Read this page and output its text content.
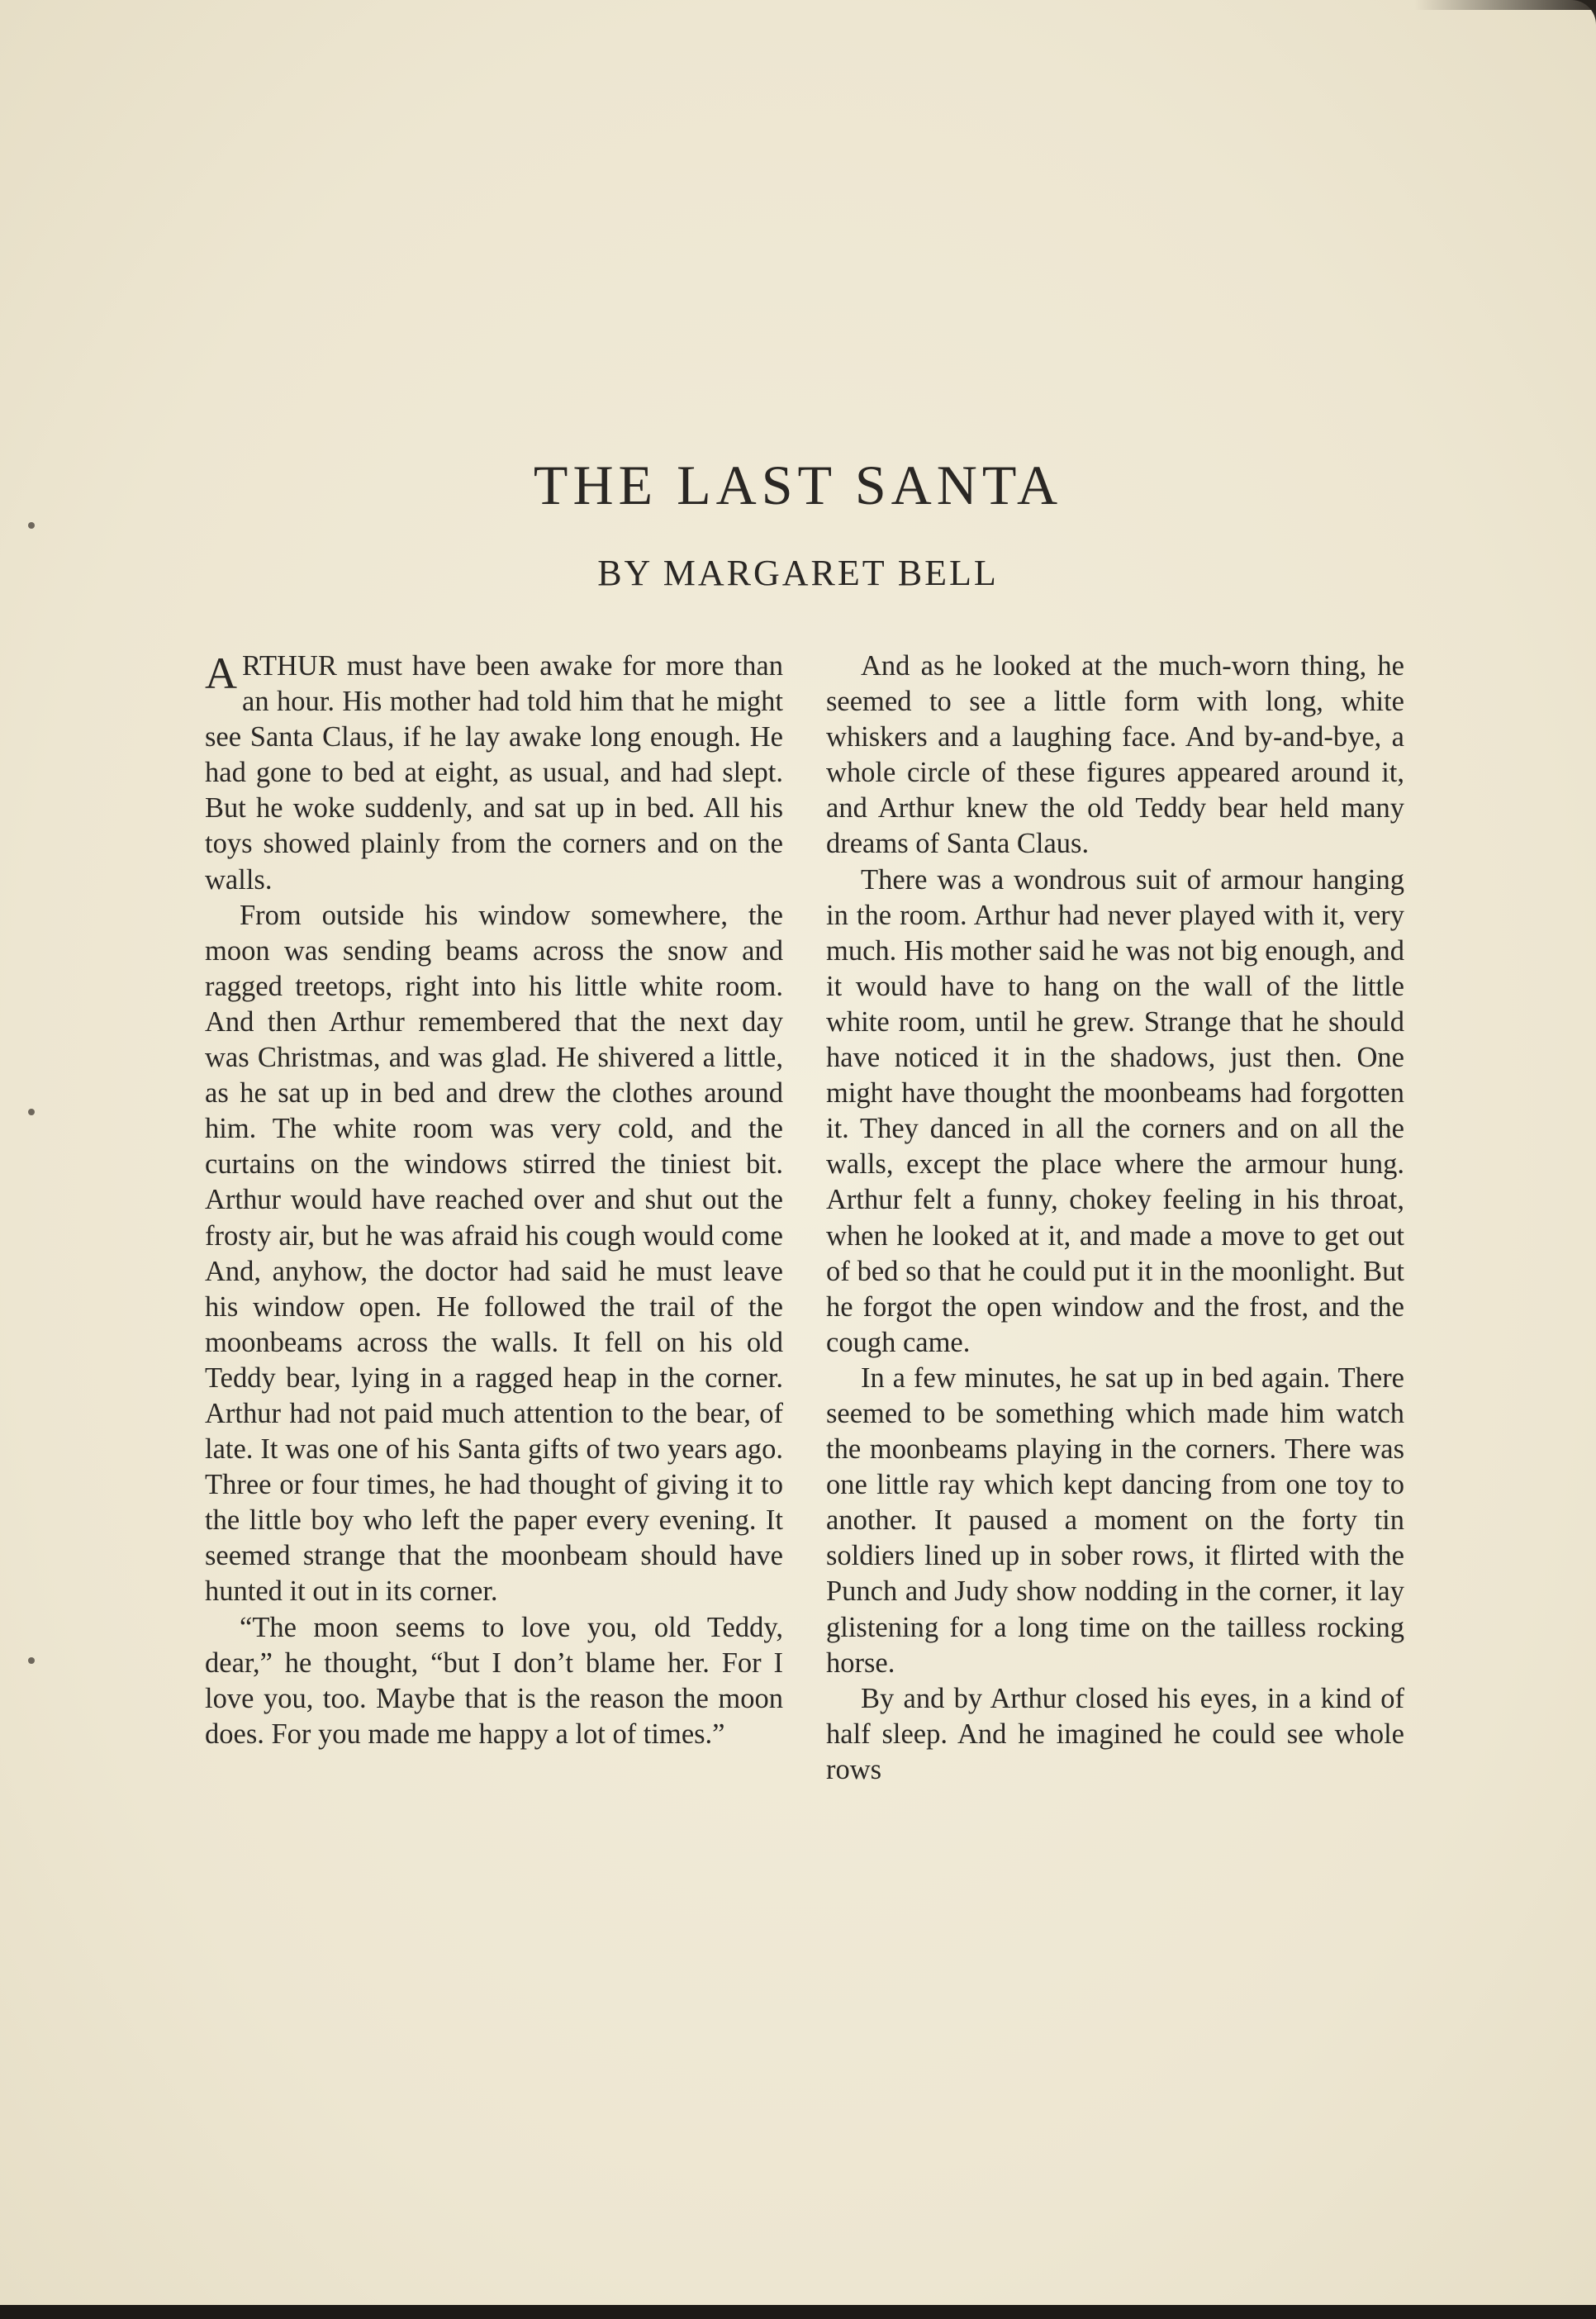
THE LAST SANTA
BY MARGARET BELL

ARTHUR must have been awake for more than an hour. His mother had told him that he might see Santa Claus, if he lay awake long enough. He had gone to bed at eight, as usual, and had slept. But he woke suddenly, and sat up in bed. All his toys showed plainly from the corners and on the walls.

From outside his window somewhere, the moon was sending beams across the snow and ragged treetops, right into his little white room. And then Arthur remembered that the next day was Christmas, and was glad. He shivered a little, as he sat up in bed and drew the clothes around him. The white room was very cold, and the curtains on the windows stirred the tiniest bit. Arthur would have reached over and shut out the frosty air, but he was afraid his cough would come And, anyhow, the doctor had said he must leave his window open. He followed the trail of the moonbeams across the walls. It fell on his old Teddy bear, lying in a ragged heap in the corner. Arthur had not paid much attention to the bear, of late. It was one of his Santa gifts of two years ago. Three or four times, he had thought of giving it to the little boy who left the paper every evening. It seemed strange that the moonbeam should have hunted it out in its corner.

“The moon seems to love you, old Teddy, dear,” he thought, “but I don’t blame her. For I love you, too. Maybe that is the reason the moon does. For you made me happy a lot of times.”

And as he looked at the much-worn thing, he seemed to see a little form with long, white whiskers and a laughing face. And by-and-bye, a whole circle of these figures appeared around it, and Arthur knew the old Teddy bear held many dreams of Santa Claus.

There was a wondrous suit of armour hanging in the room. Arthur had never played with it, very much. His mother said he was not big enough, and it would have to hang on the wall of the little white room, until he grew. Strange that he should have noticed it in the shadows, just then. One might have thought the moonbeams had forgotten it. They danced in all the corners and on all the walls, except the place where the armour hung. Arthur felt a funny, chokey feeling in his throat, when he looked at it, and made a move to get out of bed so that he could put it in the moonlight. But he forgot the open window and the frost, and the cough came.

In a few minutes, he sat up in bed again. There seemed to be something which made him watch the moonbeams playing in the corners. There was one little ray which kept dancing from one toy to another. It paused a moment on the forty tin soldiers lined up in sober rows, it flirted with the Punch and Judy show nodding in the corner, it lay glistening for a long time on the tailless rocking horse.

By and by Arthur closed his eyes, in a kind of half sleep. And he imagined he could see whole rows
